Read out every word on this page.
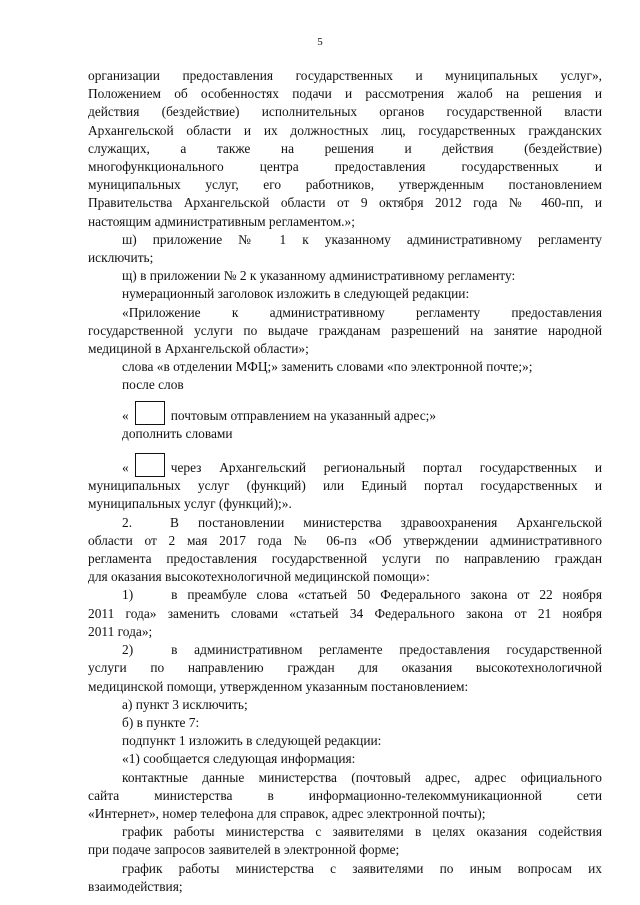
5
организации предоставления государственных и муниципальных услуг»,
Положением об особенностях подачи и рассмотрения жалоб на решения и
действия (бездействие) исполнительных органов государственной власти
Архангельской области и их должностных лиц, государственных гражданских
служащих, а также на решения и действия (бездействие)
многофункционального центра предоставления государственных и
муниципальных услуг, его работников, утвержденным постановлением
Правительства Архангельской области от 9 октября 2012 года № 460-пп, и
настоящим административным регламентом.»;
ш) приложение № 1 к указанному административному регламенту
исключить;
щ) в приложении № 2 к указанному административному регламенту:
нумерационный заголовок изложить в следующей редакции:
«Приложение к административному регламенту предоставления
государственной услуги по выдаче гражданам разрешений на занятие народной
медициной в Архангельской области»;
слова «в отделении МФЦ;» заменить словами «по электронной почте;»;
после слов
«	почтовым отправлением на указанный адрес;»
дополнить словами
«	через Архангельский региональный портал государственных и
муниципальных услуг (функций) или Единый портал государственных и
муниципальных услуг (функций);».
2.	В постановлении министерства здравоохранения Архангельской
области от 2 мая 2017 года № 06-пз «Об утверждении административного
регламента предоставления государственной услуги по направлению граждан
для оказания высокотехнологичной медицинской помощи»:
1)	в преамбуле слова «статьей 50 Федерального закона от 22 ноября
2011 года» заменить словами «статьей 34 Федерального закона от 21 ноября
2011 года»;
2)	в административном регламенте предоставления государственной
услуги по направлению граждан для оказания высокотехнологичной
медицинской помощи, утвержденном указанным постановлением:
а) пункт 3 исключить;
б) в пункте 7:
подпункт 1 изложить в следующей редакции:
«1) сообщается следующая информация:
контактные данные министерства (почтовый адрес, адрес официального
сайта министерства в информационно-телекоммуникационной сети
«Интернет», номер телефона для справок, адрес электронной почты);
график работы министерства с заявителями в целях оказания содействия
при подаче запросов заявителей в электронной форме;
график работы министерства с заявителями по иным вопросам их
взаимодействия;
